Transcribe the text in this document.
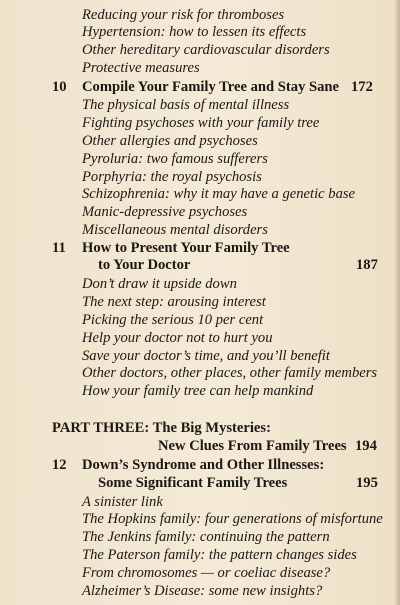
Reducing your risk for thromboses
Hypertension: how to lessen its effects
Other hereditary cardiovascular disorders
Protective measures
10 Compile Your Family Tree and Stay Sane 172
The physical basis of mental illness
Fighting psychoses with your family tree
Other allergies and psychoses
Pyroluria: two famous sufferers
Porphyria: the royal psychosis
Schizophrenia: why it may have a genetic base
Manic-depressive psychoses
Miscellaneous mental disorders
11 How to Present Your Family Tree
to Your Doctor	187
Don’t draw it upside down
The next step: arousing interest
Picking the serious 10 per cent
Help your doctor not to hurt you
Save your doctor’s time, and you’ll benefit
Other doctors, other places, other family members
How your family tree can help mankind
PART THREE: The Big Mysteries:
New Clues From Family Trees 194
12 Down’s Syndrome and Other Illnesses:
Some Significant Family Trees	195
A sinister link
The Hopkins family: four generations of misfortune
The Jenkins family: continuing the pattern
The Paterson family: the pattern changes sides
From chromosomes — or coeliac disease?
Alzheimer’s Disease: some new insights?
